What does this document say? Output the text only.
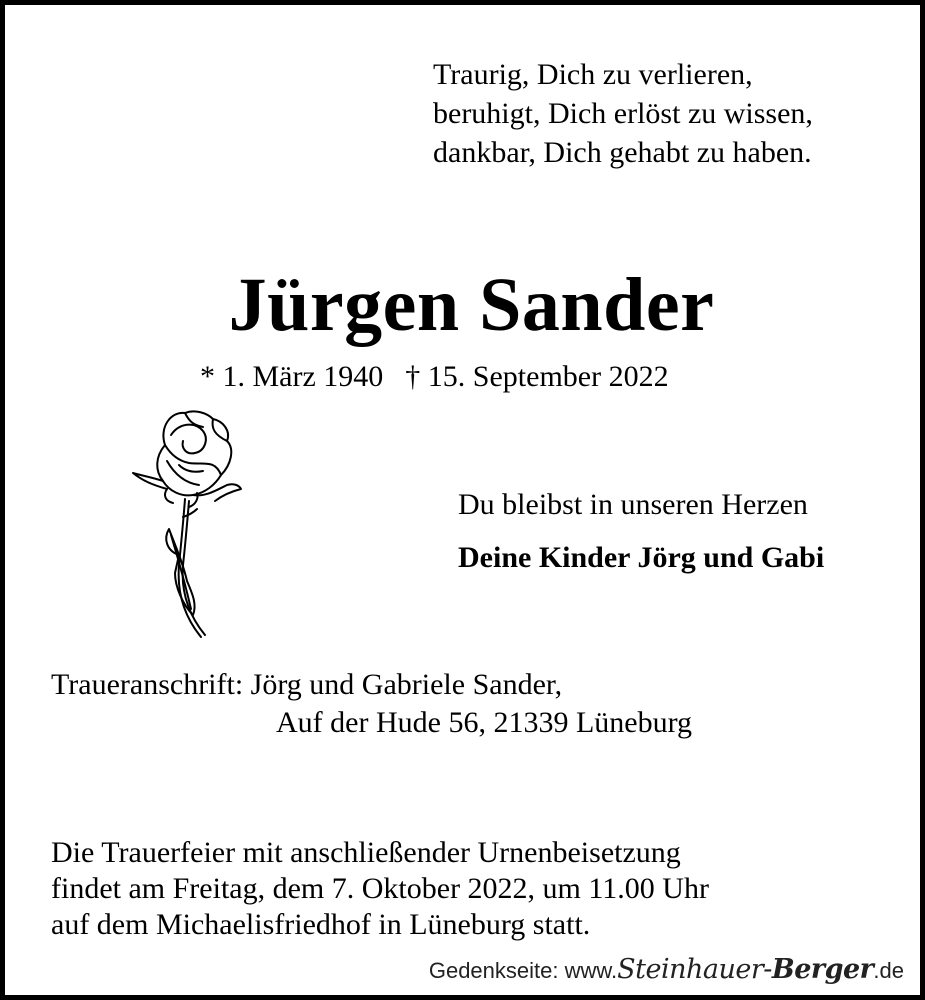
Traurig, Dich zu verlieren,
beruhigt, Dich erlöst zu wissen,
dankbar, Dich gehabt zu haben.
Jürgen Sander
* 1. März 1940 † 15. September 2022
Du bleibst in unseren Herzen
Deine Kinder Jörg und Gabi
Traueranschrift: Jörg und Gabriele Sander,
Auf der Hude 56, 21339 Lüneburg
Die Trauerfeier mit anschließender Urnenbeisetzung
findet am Freitag, dem 7. Oktober 2022, um 11.00 Uhr
auf dem Michaelisfriedhof in Lüneburg statt.
Gedenkseite: www.Steinhauer-Berger.de
